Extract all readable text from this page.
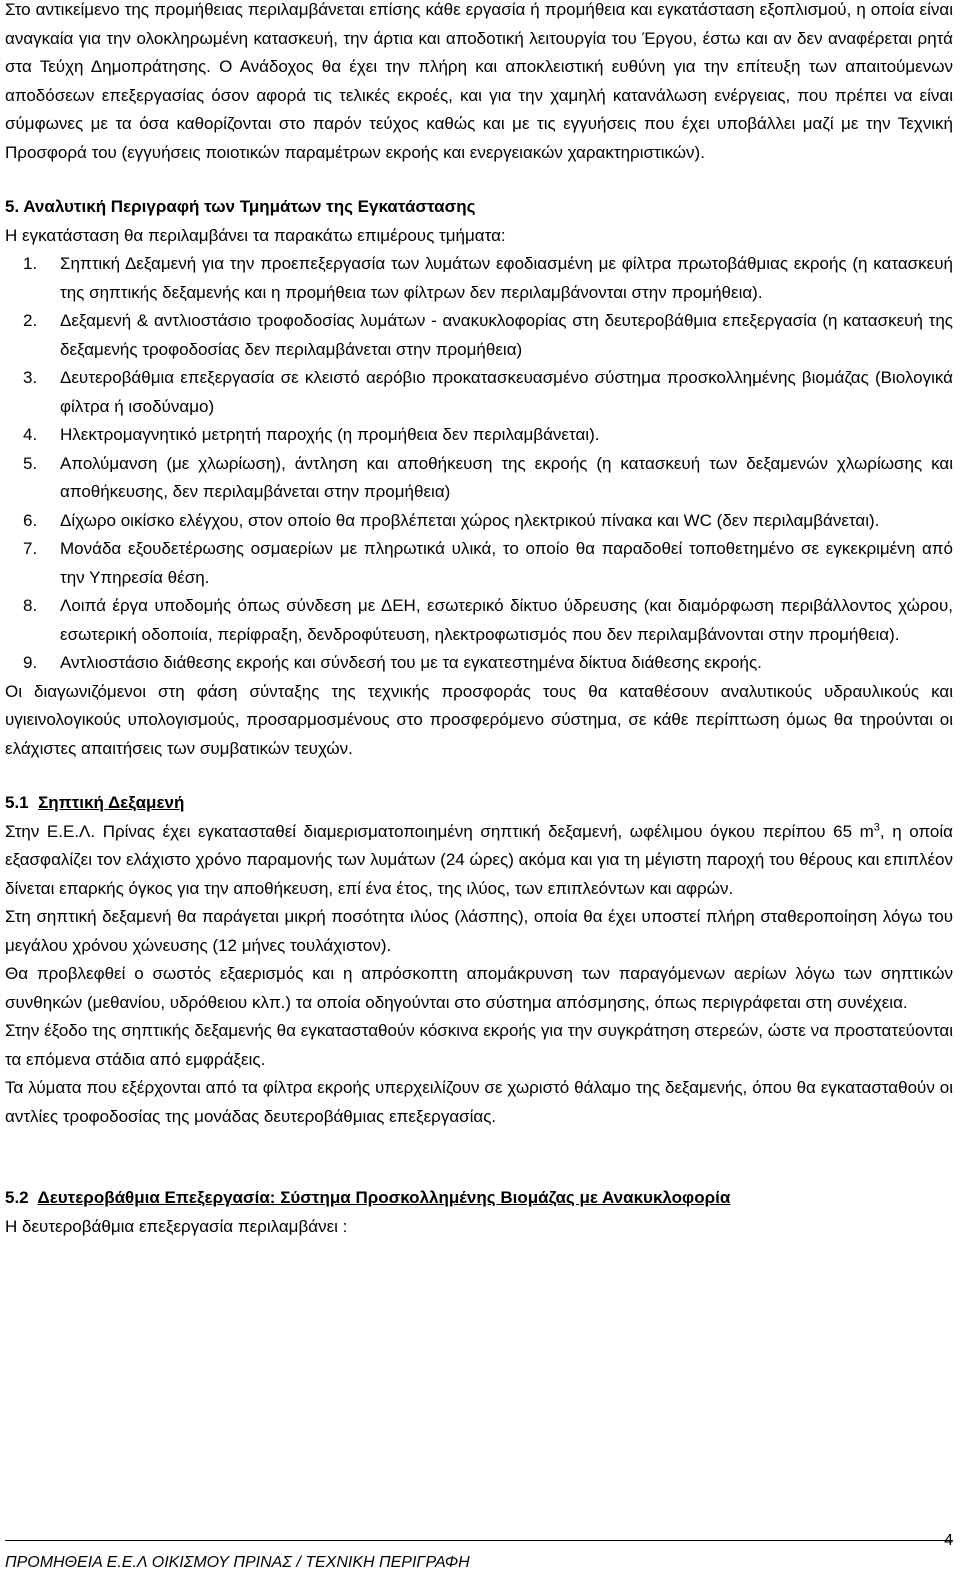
Στο αντικείμενο της προμήθειας περιλαμβάνεται επίσης κάθε εργασία ή προμήθεια και εγκατάσταση εξοπλισμού, η οποία είναι αναγκαία για την ολοκληρωμένη κατασκευή, την άρτια και αποδοτική λειτουργία του Έργου, έστω και αν δεν αναφέρεται ρητά στα Τεύχη Δημοπράτησης. Ο Ανάδοχος θα έχει την πλήρη και αποκλειστική ευθύνη για την επίτευξη των απαιτούμενων αποδόσεων επεξεργασίας όσον αφορά τις τελικές εκροές, και για την χαμηλή κατανάλωση ενέργειας, που πρέπει να είναι σύμφωνες με τα όσα καθορίζονται στο παρόν τεύχος καθώς και με τις εγγυήσεις που έχει υποβάλλει μαζί με την Τεχνική Προσφορά του (εγγυήσεις ποιοτικών παραμέτρων εκροής και ενεργειακών χαρακτηριστικών).

5. Αναλυτική Περιγραφή των Τμημάτων της Εγκατάστασης

Η εγκατάσταση θα περιλαμβάνει τα παρακάτω επιμέρους τμήματα:

1. Σηπτική Δεξαμενή για την προεπεξεργασία των λυμάτων εφοδιασμένη με φίλτρα πρωτοβάθμιας εκροής (η κατασκευή της σηπτικής δεξαμενής και η προμήθεια των φίλτρων δεν περιλαμβάνονται στην προμήθεια).
2. Δεξαμενή & αντλιοστάσιο τροφοδοσίας λυμάτων - ανακυκλοφορίας στη δευτεροβάθμια επεξεργασία (η κατασκευή της δεξαμενής τροφοδοσίας δεν περιλαμβάνεται στην προμήθεια)
3. Δευτεροβάθμια επεξεργασία σε κλειστό αερόβιο προκατασκευασμένο σύστημα προσκολλημένης βιομάζας (Βιολογικά φίλτρα ή ισοδύναμο)
4. Ηλεκτρομαγνητικό μετρητή παροχής (η προμήθεια δεν περιλαμβάνεται).
5. Απολύμανση (με χλωρίωση), άντληση και αποθήκευση της εκροής (η κατασκευή των δεξαμενών χλωρίωσης και αποθήκευσης, δεν περιλαμβάνεται στην προμήθεια)
6. Δίχωρο οικίσκο ελέγχου, στον οποίο θα προβλέπεται χώρος ηλεκτρικού πίνακα και WC (δεν περιλαμβάνεται).
7. Μονάδα εξουδετέρωσης οσμαερίων με πληρωτικά υλικά, το οποίο θα παραδοθεί τοποθετημένο σε εγκεκριμένη από την Υπηρεσία θέση.
8. Λοιπά έργα υποδομής όπως σύνδεση με ΔΕΗ, εσωτερικό δίκτυο ύδρευσης (και διαμόρφωση περιβάλλοντος χώρου, εσωτερική οδοποιία, περίφραξη, δενδροφύτευση, ηλεκτροφωτισμός που δεν περιλαμβάνονται στην προμήθεια).
9. Αντλιοστάσιο διάθεσης εκροής και σύνδεσή του με τα εγκατεστημένα δίκτυα διάθεσης εκροής.

Οι διαγωνιζόμενοι στη φάση σύνταξης της τεχνικής προσφοράς τους θα καταθέσουν αναλυτικούς υδραυλικούς και υγιεινολογικούς υπολογισμούς, προσαρμοσμένους στο προσφερόμενο σύστημα, σε κάθε περίπτωση όμως θα τηρούνται οι ελάχιστες απαιτήσεις των συμβατικών τευχών.

5.1 Σηπτική Δεξαμενή

Στην Ε.Ε.Λ. Πρίνας έχει εγκατασταθεί διαμερισματοποιημένη σηπτική δεξαμενή, ωφέλιμου όγκου περίπου 65 $m^3$, η οποία εξασφαλίζει τον ελάχιστο χρόνο παραμονής των λυμάτων (24 ώρες) ακόμα και για τη μέγιστη παροχή του θέρους και επιπλέον δίνεται επαρκής όγκος για την αποθήκευση, επί ένα έτος, της ιλύος, των επιπλεόντων και αφρών.

Στη σηπτική δεξαμενή θα παράγεται μικρή ποσότητα ιλύος (λάσπης), οποία θα έχει υποστεί πλήρη σταθεροποίηση λόγω του μεγάλου χρόνου χώνευσης (12 μήνες τουλάχιστον).

Θα προβλεφθεί ο σωστός εξαερισμός και η απρόσκοπτη απομάκρυνση των παραγόμενων αερίων λόγω των σηπτικών συνθηκών (μεθανίου, υδρόθειου κλπ.) τα οποία οδηγούνται στο σύστημα απόσμησης, όπως περιγράφεται στη συνέχεια.

Στην έξοδο της σηπτικής δεξαμενής θα εγκατασταθούν κόσκινα εκροής για την συγκράτηση στερεών, ώστε να προστατεύονται τα επόμενα στάδια από εμφράξεις.

Τα λύματα που εξέρχονται από τα φίλτρα εκροής υπερχειλίζουν σε χωριστό θάλαμο της δεξαμενής, όπου θα εγκατασταθούν οι αντλίες τροφοδοσίας της μονάδας δευτεροβάθμιας επεξεργασίας.

5.2 Δευτεροβάθμια Επεξεργασία: Σύστημα Προσκολλημένης Βιομάζας με Ανακυκλοφορία

Η δευτεροβάθμια επεξεργασία περιλαμβάνει :

ΠΡΟΜΗΘΕΙΑ Ε.Ε.Λ ΟΙΚΙΣΜΟΥ ΠΡΙΝΑΣ / ΤΕΧΝΙΚΗ ΠΕΡΙΓΡΑΦΗ
4
